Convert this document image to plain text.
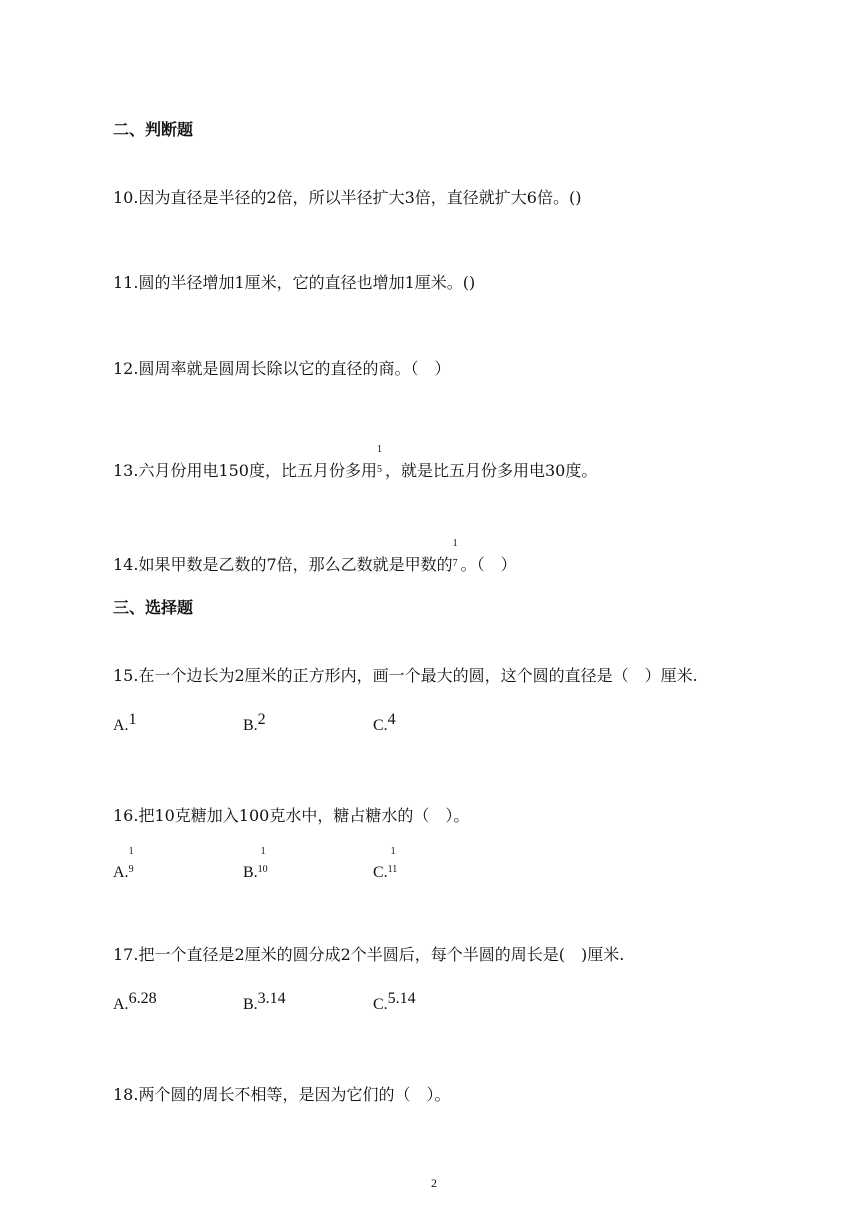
二、判断题
10.因为直径是半径的2倍，所以半径扩大3倍，直径就扩大6倍。()
11.圆的半径增加1厘米，它的直径也增加1厘米。()
12.圆周率就是圆周长除以它的直径的商。（　）
13.六月份用电150度，比五月份多用
1
5 ，就是比五月份多用电30度。
14.如果甲数是乙数的7倍，那么乙数就是甲数的
1
7 。（　）
三、选择题
15.在一个边长为2厘米的正方形内，画一个最大的圆，这个圆的直径是（　）厘米.
A.1	B.2	C.4
16.把10克糖加入100克水中，糖占糖水的（　）。
A.
1
9	B.
1
10	C.
1
11
17.把一个直径是2厘米的圆分成2个半圆后，每个半圆的周长是(　)厘米.
A.6.28	B.3.14	C.5.14
18.两个圆的周长不相等，是因为它们的（　）。
2
